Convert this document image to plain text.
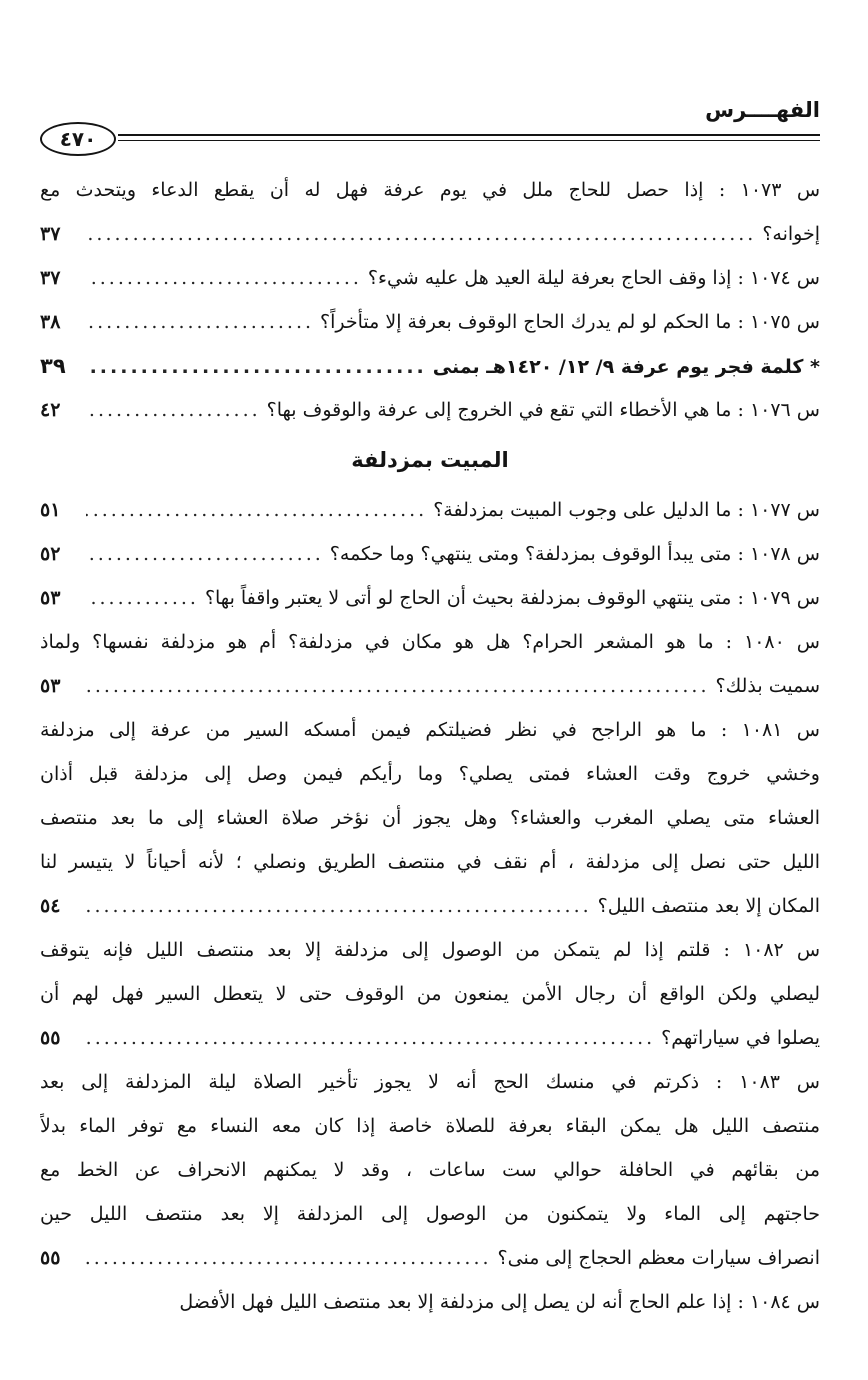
الفهــــرس
٤٧٠
س ١٠٧٣ : إذا حصل للحاج ملل في يوم عرفة فهل له أن يقطع الدعاء ويتحدث مع
إخوانه؟
.....
٣٧
س ١٠٧٤ : إذا وقف الحاج بعرفة ليلة العيد هل عليه شيء؟
.....
٣٧
س ١٠٧٥ : ما الحكم لو لم يدرك الحاج الوقوف بعرفة إلا متأخراً؟
.....
٣٨
* كلمة فجر يوم عرفة ٩/ ١٢/ ١٤٢٠هـ بمنى
.....
٣٩
س ١٠٧٦ : ما هي الأخطاء التي تقع في الخروج إلى عرفة والوقوف بها؟
.....
٤٢
المبيت بمزدلفة
س ١٠٧٧ : ما الدليل على وجوب المبيت بمزدلفة؟
.....
٥١
س ١٠٧٨ : متى يبدأ الوقوف بمزدلفة؟ ومتى ينتهي؟ وما حكمه؟
.....
٥٢
س ١٠٧٩ : متى ينتهي الوقوف بمزدلفة بحيث أن الحاج لو أتى لا يعتبر واقفاً بها؟
.....
٥٣
س ١٠٨٠ : ما هو المشعر الحرام؟ هل هو مكان في مزدلفة؟ أم هو مزدلفة نفسها؟ ولماذ
سميت بذلك؟
.....
٥٣
س ١٠٨١ : ما هو الراجح في نظر فضيلتكم فيمن أمسكه السير من عرفة إلى مزدلفة
وخشي خروج وقت العشاء فمتى يصلي؟ وما رأيكم فيمن وصل إلى مزدلفة قبل أذان
العشاء متى يصلي المغرب والعشاء؟ وهل يجوز أن نؤخر صلاة العشاء إلى ما بعد منتصف
الليل حتى نصل إلى مزدلفة ، أم نقف في منتصف الطريق ونصلي ؛ لأنه أحياناً لا يتيسر لنا
المكان إلا بعد منتصف الليل؟
.....
٥٤
س ١٠٨٢ : قلتم إذا لم يتمكن من الوصول إلى مزدلفة إلا بعد منتصف الليل فإنه يتوقف
ليصلي ولكن الواقع أن رجال الأمن يمنعون من الوقوف حتى لا يتعطل السير فهل لهم أن
يصلوا في سياراتهم؟
.....
٥٥
س ١٠٨٣ : ذكرتم في منسك الحج أنه لا يجوز تأخير الصلاة ليلة المزدلفة إلى بعد
منتصف الليل هل يمكن البقاء بعرفة للصلاة خاصة إذا كان معه النساء مع توفر الماء بدلاً
من بقائهم في الحافلة حوالي ست ساعات ، وقد لا يمكنهم الانحراف عن الخط مع
حاجتهم إلى الماء ولا يتمكنون من الوصول إلى المزدلفة إلا بعد منتصف الليل حين
انصراف سيارات معظم الحجاج إلى منى؟
.....
٥٥
س ١٠٨٤ : إذا علم الحاج أنه لن يصل إلى مزدلفة إلا بعد منتصف الليل فهل الأفضل
